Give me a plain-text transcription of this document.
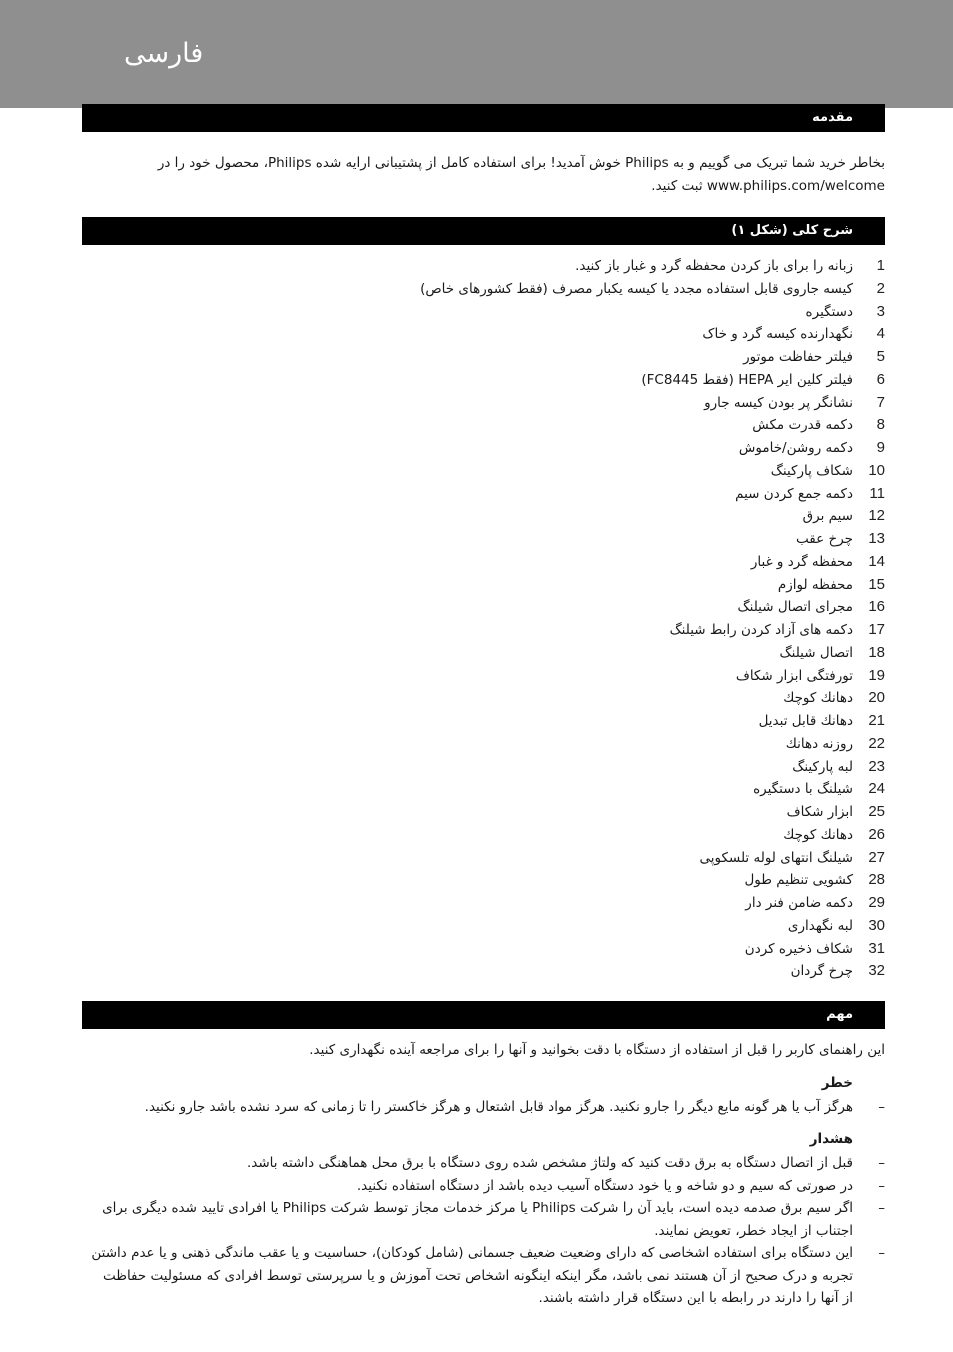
فارسی
مقدمه
بخاطر خرید شما تبریک می گوییم و به Philips خوش آمدید! برای استفاده کامل از پشتیبانی ارایه شده Philips، محصول خود را در www.philips.com/welcome ثبت کنید.
شرح کلی (شکل ۱)
1
زبانه را برای باز کردن محفظه گرد و غبار باز کنید.
2
کیسه جاروی قابل استفاده مجدد یا کیسه یکبار مصرف (فقط کشورهای خاص)
3
دستگیره
4
نگهدارنده کیسه گرد و خاک
5
فیلتر حفاظت موتور
6
فیلتر کلین ایر HEPA (فقط FC8445)
7
نشانگر پر بودن کیسه جارو
8
دکمه قدرت مکش
9
دکمه روشن/خاموش
10
شکاف پارکینگ
11
دکمه جمع کردن سیم
12
سیم برق
13
چرخ عقب
14
محفظه گرد و غبار
15
محفظه لوازم
16
مجرای اتصال شیلنگ
17
دکمه های آزاد کردن رابط شیلنگ
18
اتصال شیلنگ
19
تورفتگی ابزار شکاف
20
دهانك كوچك
21
دهانك قابل تبدیل
22
روزنه دهانك
23
لبه پارکینگ
24
شیلنگ با دستگیره
25
ابزار شکاف
26
دهانك كوچك
27
شیلنگ انتهای لوله تلسکوپی
28
کشویی تنظیم طول
29
دکمه ضامن فنر دار
30
لبه نگهداری
31
شکاف ذخیره کردن
32
چرخ گردان
مهم
این راهنمای کاربر را قبل از استفاده از دستگاه با دقت بخوانید و آنها را برای مراجعه آینده نگهداری کنید.
خطر
–
هرگز آب یا هر گونه مایع دیگر را جارو نکنید. هرگز مواد قابل اشتعال و هرگز خاکستر را تا زمانی که سرد نشده باشد جارو نکنید.
هشدار
–
قبل از اتصال دستگاه به برق دقت کنید که ولتاژ مشخص شده روی دستگاه با برق محل هماهنگی داشته باشد.
–
در صورتی که سیم و دو شاخه و یا خود دستگاه آسیب دیده باشد از دستگاه استفاده نکنید.
–
اگر سیم برق صدمه دیده است، باید آن را شرکت Philips یا مرکز خدمات مجاز توسط شرکت Philips یا افرادی تایید شده دیگری برای اجتناب از ایجاد خطر، تعویض نمایند.
–
این دستگاه برای استفاده اشخاصی که دارای وضعیت ضعیف جسمانی (شامل کودکان)، حساسیت و یا عقب ماندگی ذهنی و یا عدم داشتن تجربه و درک صحیح از آن هستند نمی باشد، مگر اینکه اینگونه اشخاص تحت آموزش و یا سرپرستی توسط افرادی که مسئولیت حفاظت از آنها را دارند در رابطه با این دستگاه قرار داشته باشند.
